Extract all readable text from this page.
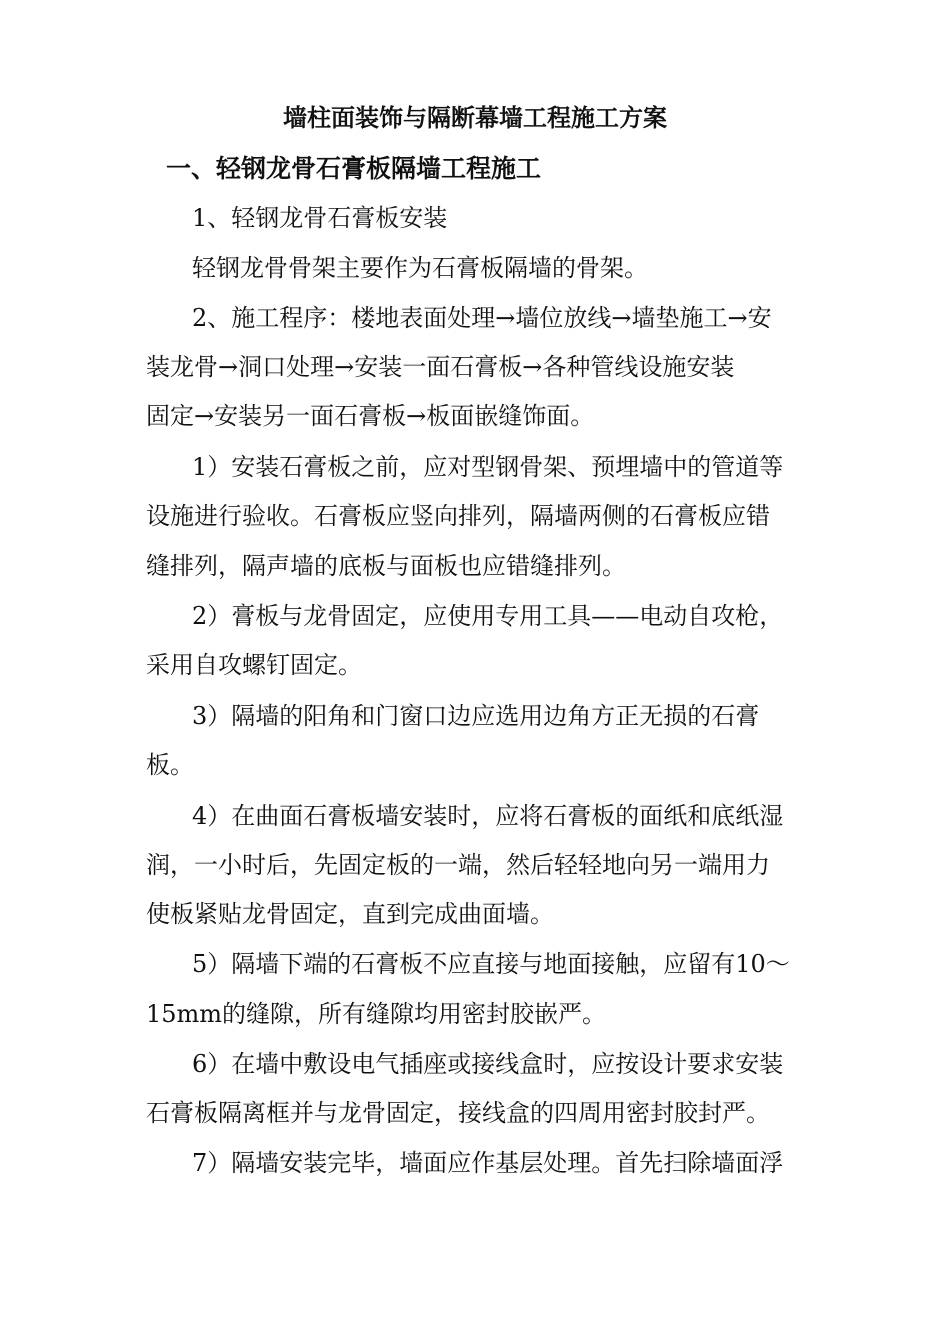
墙柱面装饰与隔断幕墙工程施工方案
一、轻钢龙骨石膏板隔墙工程施工
1、轻钢龙骨石膏板安装
轻钢龙骨骨架主要作为石膏板隔墙的骨架。
2、施工程序：楼地表面处理→墙位放线→墙垫施工→安
装龙骨→洞口处理→安装一面石膏板→各种管线设施安装
固定→安装另一面石膏板→板面嵌缝饰面。
1）安装石膏板之前，应对型钢骨架、预埋墙中的管道等
设施进行验收。石膏板应竖向排列，隔墙两侧的石膏板应错
缝排列，隔声墙的底板与面板也应错缝排列。
2）膏板与龙骨固定，应使用专用工具——电动自攻枪，
采用自攻螺钉固定。
3）隔墙的阳角和门窗口边应选用边角方正无损的石膏
板。
4）在曲面石膏板墙安装时，应将石膏板的面纸和底纸湿
润，一小时后，先固定板的一端，然后轻轻地向另一端用力
使板紧贴龙骨固定，直到完成曲面墙。
5）隔墙下端的石膏板不应直接与地面接触，应留有10～
15mm的缝隙，所有缝隙均用密封胶嵌严。
6）在墙中敷设电气插座或接线盒时，应按设计要求安装
石膏板隔离框并与龙骨固定，接线盒的四周用密封胶封严。
7）隔墙安装完毕，墙面应作基层处理。首先扫除墙面浮
